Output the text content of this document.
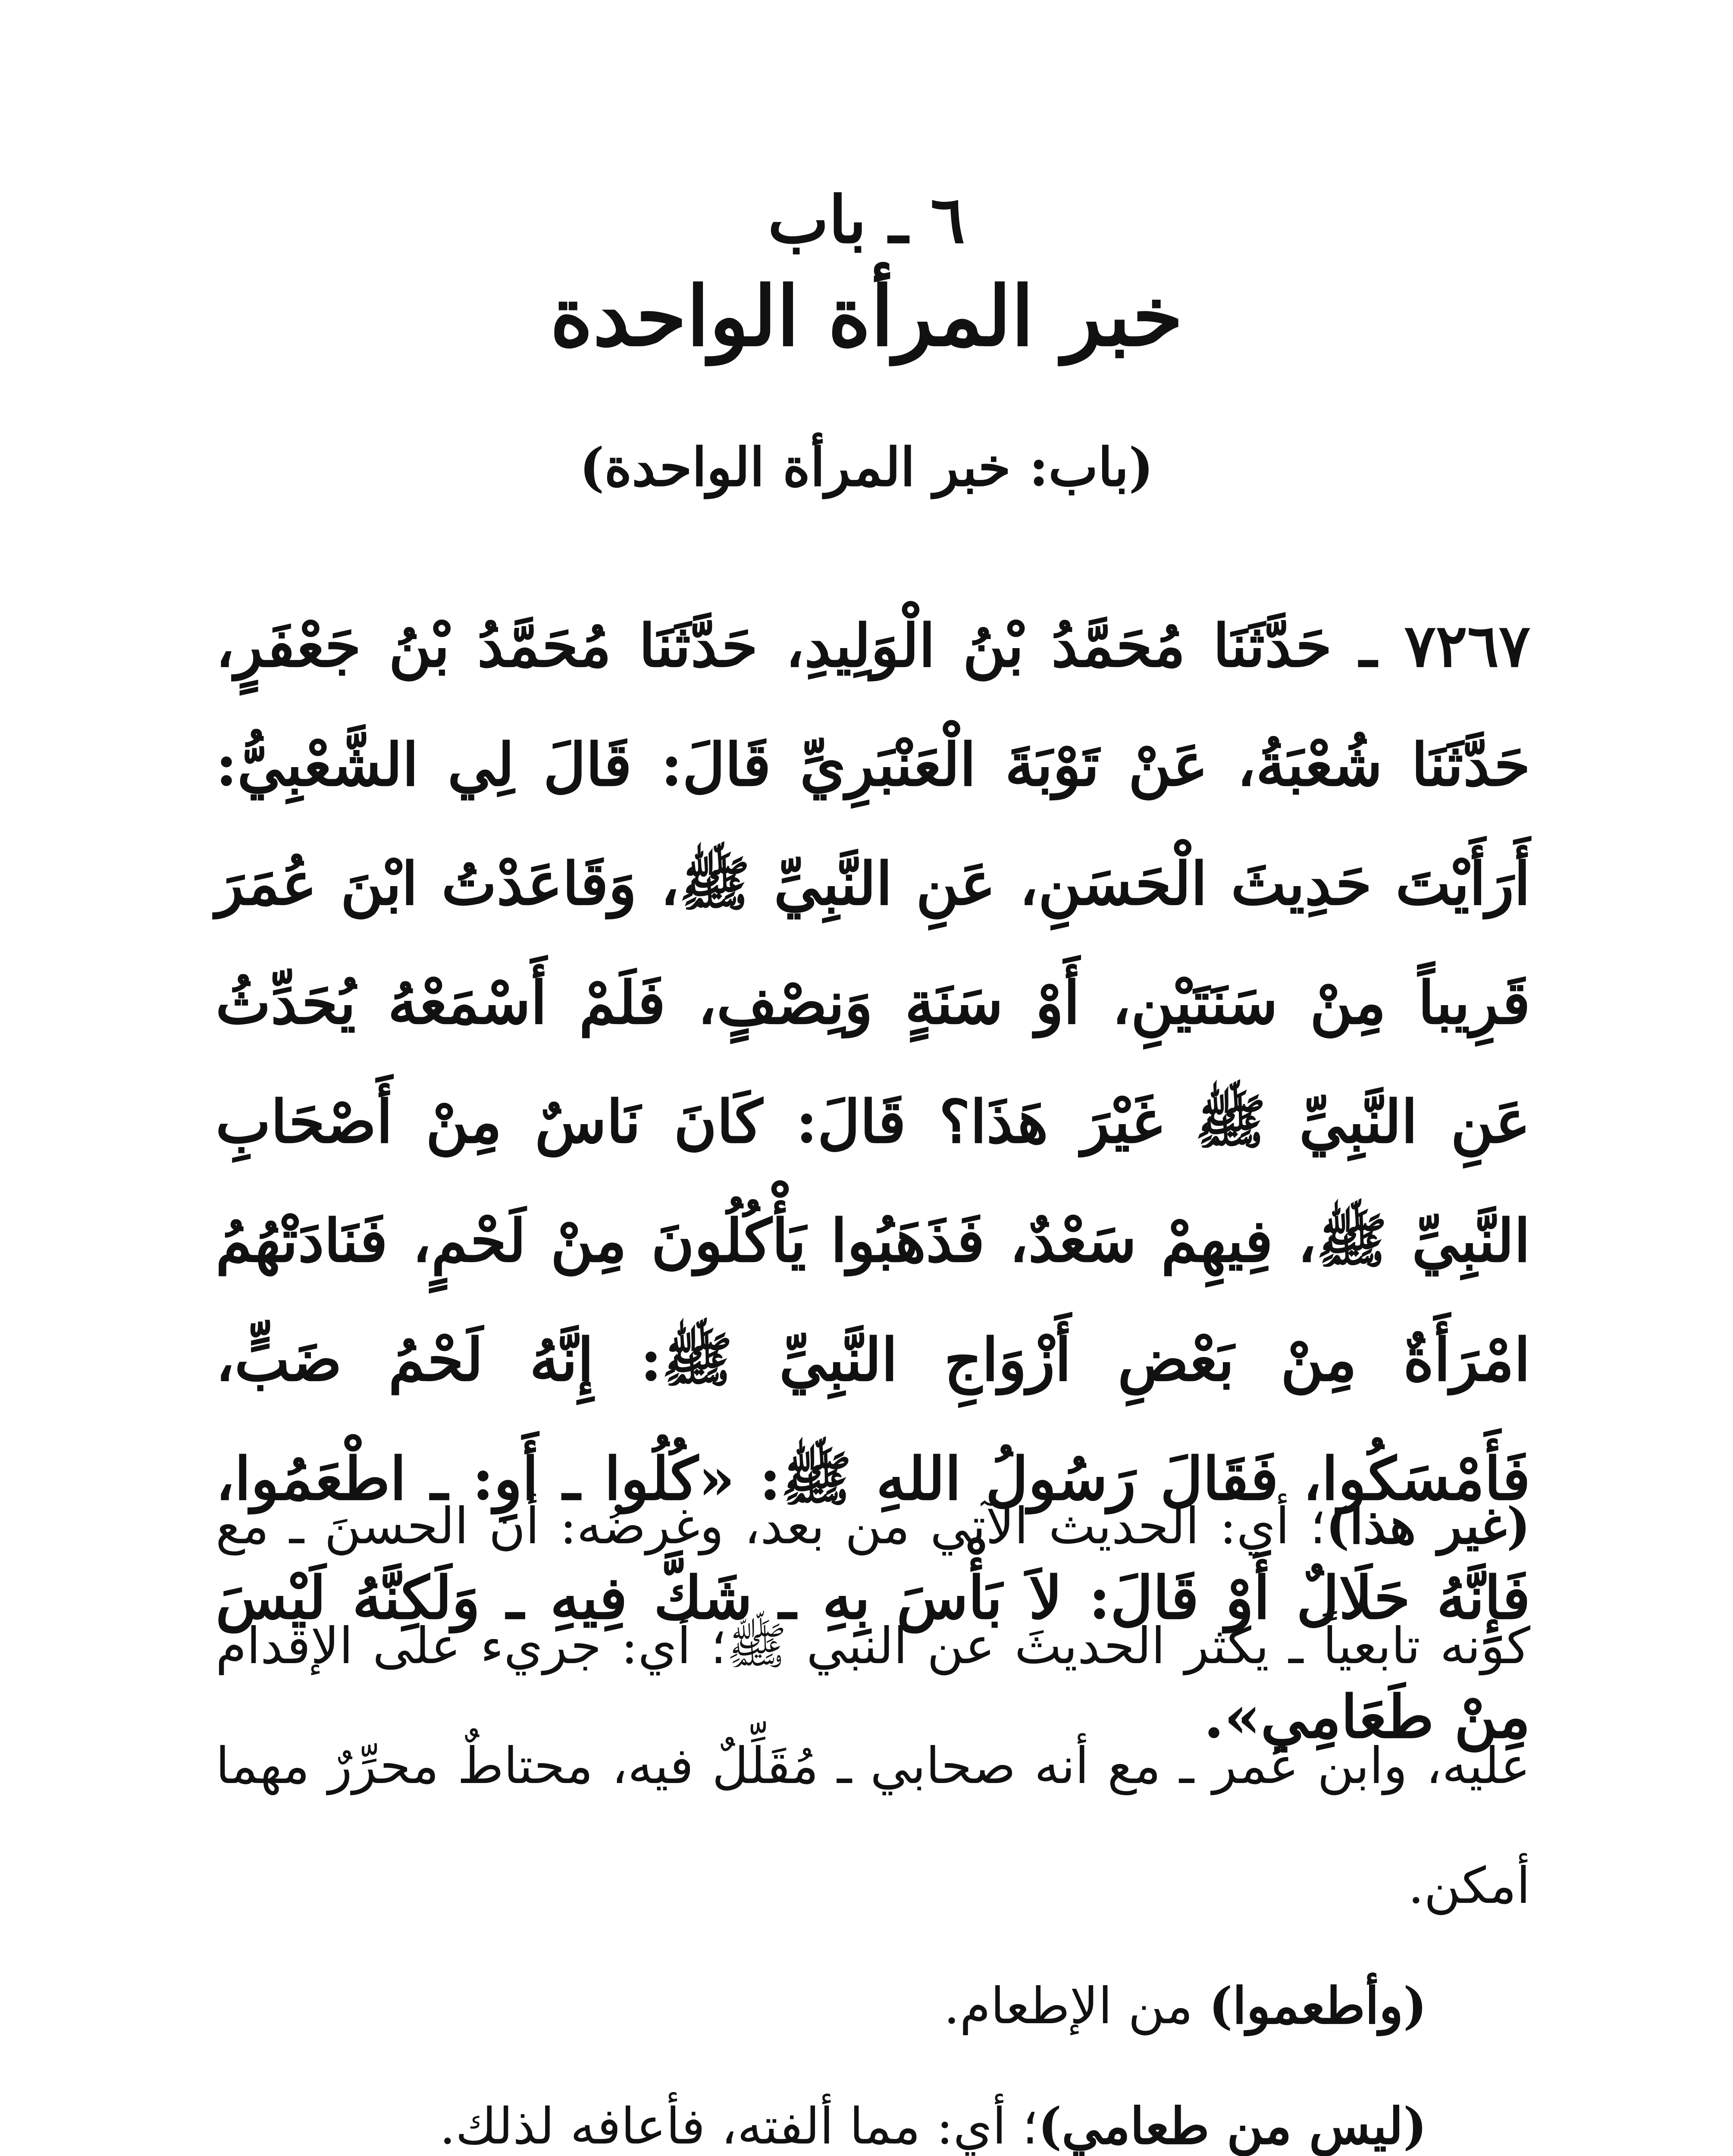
٦ ـ باب
خبر المرأة الواحدة
(باب: خبر المرأة الواحدة)
٧٢٦٧ ـ حَدَّثَنَا مُحَمَّدُ بْنُ الْوَلِيدِ، حَدَّثَنَا مُحَمَّدُ بْنُ جَعْفَرٍ، حَدَّثَنَا شُعْبَةُ، عَنْ تَوْبَةَ الْعَنْبَرِيِّ قَالَ: قَالَ لِي الشَّعْبِيُّ: أَرَأَيْتَ حَدِيثَ الْحَسَنِ، عَنِ النَّبِيِّ ﷺ، وَقَاعَدْتُ ابْنَ عُمَرَ قَرِيباً مِنْ سَنَتَيْنِ، أَوْ سَنَةٍ وَنِصْفٍ، فَلَمْ أَسْمَعْهُ يُحَدِّثُ عَنِ النَّبِيِّ ﷺ غَيْرَ هَذَا؟ قَالَ: كَانَ نَاسٌ مِنْ أَصْحَابِ النَّبِيِّ ﷺ، فِيهِمْ سَعْدٌ، فَذَهَبُوا يَأْكُلُونَ مِنْ لَحْمٍ، فَنَادَتْهُمُ امْرَأَةٌ مِنْ بَعْضِ أَزْوَاجِ النَّبِيِّ ﷺ: إِنَّهُ لَحْمُ ضَبٍّ، فَأَمْسَكُوا، فَقَالَ رَسُولُ اللهِ ﷺ: «كُلُوا ـ أَوِ: ـ اطْعَمُوا، فَإِنَّهُ حَلَالٌ أَوْ قَالَ: لاَ بَأْسَ بِهِ ـ شَكَّ فِيهِ ـ وَلَكِنَّهُ لَيْسَ مِنْ طَعَامِي».

(غير هذا)؛ أي: الحديث الآتي من بعد، وغرضُه: أن الحسنَ ـ مع كونه تابعياً ـ يكثر الحديثَ عن النبي ﷺ؛ أي: جريء على الإقدام عليه، وابن عُمر ـ مع أنه صحابي ـ مُقَلِّلٌ فيه، محتاطٌ محرِّرٌ مهما أمكن.

(وأطعموا) من الإطعام.

(ليس من طعامي)؛ أي: مما ألفته، فأعافه لذلك.
